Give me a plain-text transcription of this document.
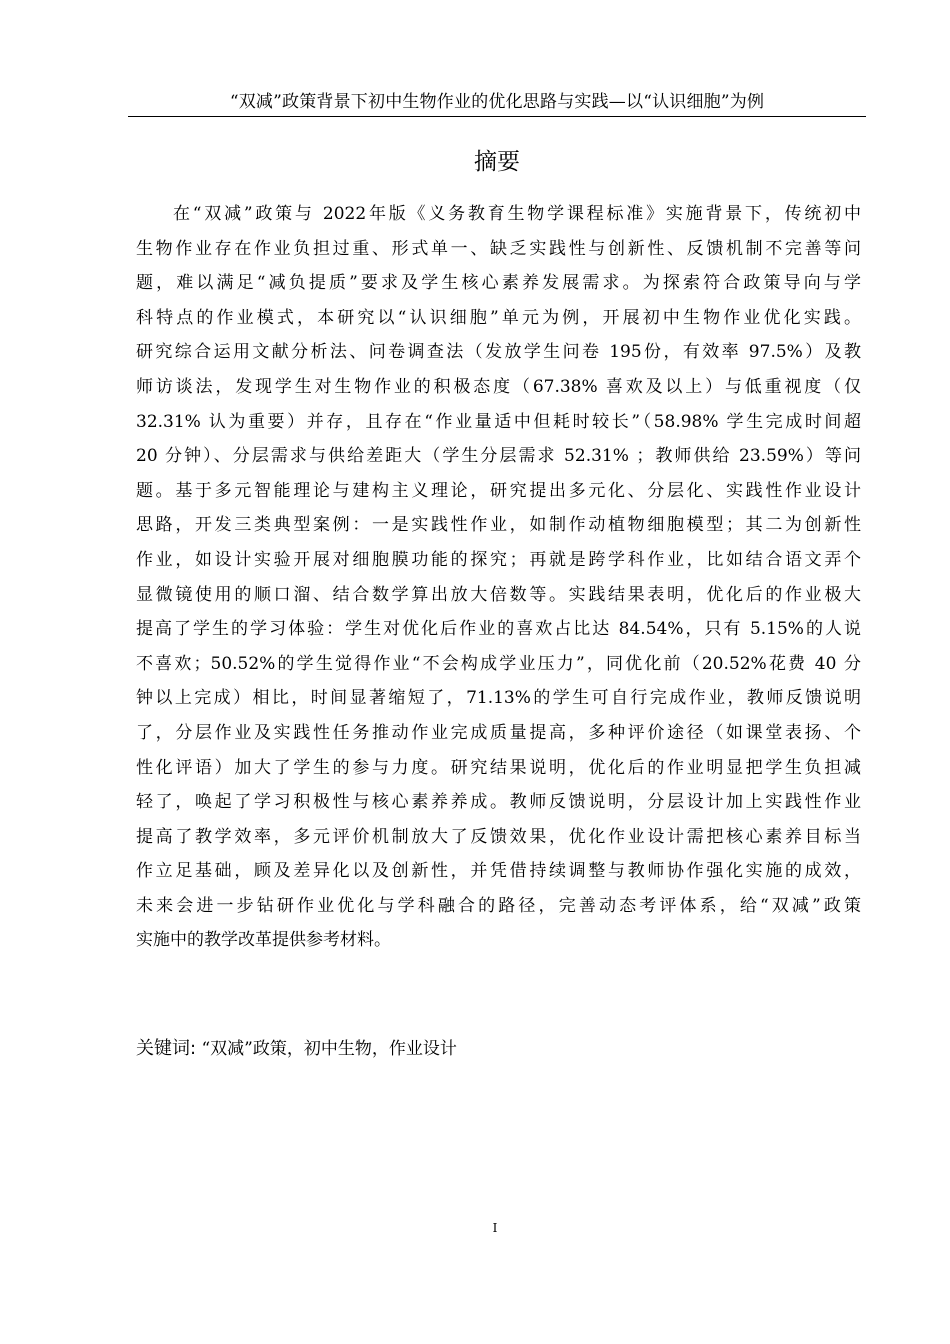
“双减”政策背景下初中生物作业的优化思路与实践—以“认识细胞”为例
摘要
在“双减”政策与 2022年版《义务教育生物学课程标准》实施背景下，传统初中
生物作业存在作业负担过重、形式单一、缺乏实践性与创新性、反馈机制不完善等问
题，难以满足“减负提质”要求及学生核心素养发展需求。为探索符合政策导向与学
科特点的作业模式，本研究以“认识细胞”单元为例，开展初中生物作业优化实践。
研究综合运用文献分析法、问卷调查法（发放学生问卷 195份，有效率 97.5%）及教
师访谈法，发现学生对生物作业的积极态度（67.38% 喜欢及以上）与低重视度（仅
32.31% 认为重要）并存，且存在“作业量适中但耗时较长”（58.98% 学生完成时间超
20 分钟）、分层需求与供给差距大（学生分层需求 52.31% ；教师供给 23.59%）等问
题。基于多元智能理论与建构主义理论，研究提出多元化、分层化、实践性作业设计
思路，开发三类典型案例：一是实践性作业，如制作动植物细胞模型；其二为创新性
作业，如设计实验开展对细胞膜功能的探究；再就是跨学科作业，比如结合语文弄个
显微镜使用的顺口溜、结合数学算出放大倍数等。实践结果表明，优化后的作业极大
提高了学生的学习体验：学生对优化后作业的喜欢占比达 84.54%，只有 5.15%的人说
不喜欢；50.52%的学生觉得作业“不会构成学业压力”，同优化前（20.52%花费 40 分
钟以上完成）相比，时间显著缩短了，71.13%的学生可自行完成作业，教师反馈说明
了，分层作业及实践性任务推动作业完成质量提高，多种评价途径（如课堂表扬、个
性化评语）加大了学生的参与力度。研究结果说明，优化后的作业明显把学生负担减
轻了，唤起了学习积极性与核心素养养成。教师反馈说明，分层设计加上实践性作业
提高了教学效率，多元评价机制放大了反馈效果，优化作业设计需把核心素养目标当
作立足基础，顾及差异化以及创新性，并凭借持续调整与教师协作强化实施的成效，
未来会进一步钻研作业优化与学科融合的路径，完善动态考评体系，给“双减”政策
实施中的教学改革提供参考材料。
关键词: “双减”政策，初中生物，作业设计
I
